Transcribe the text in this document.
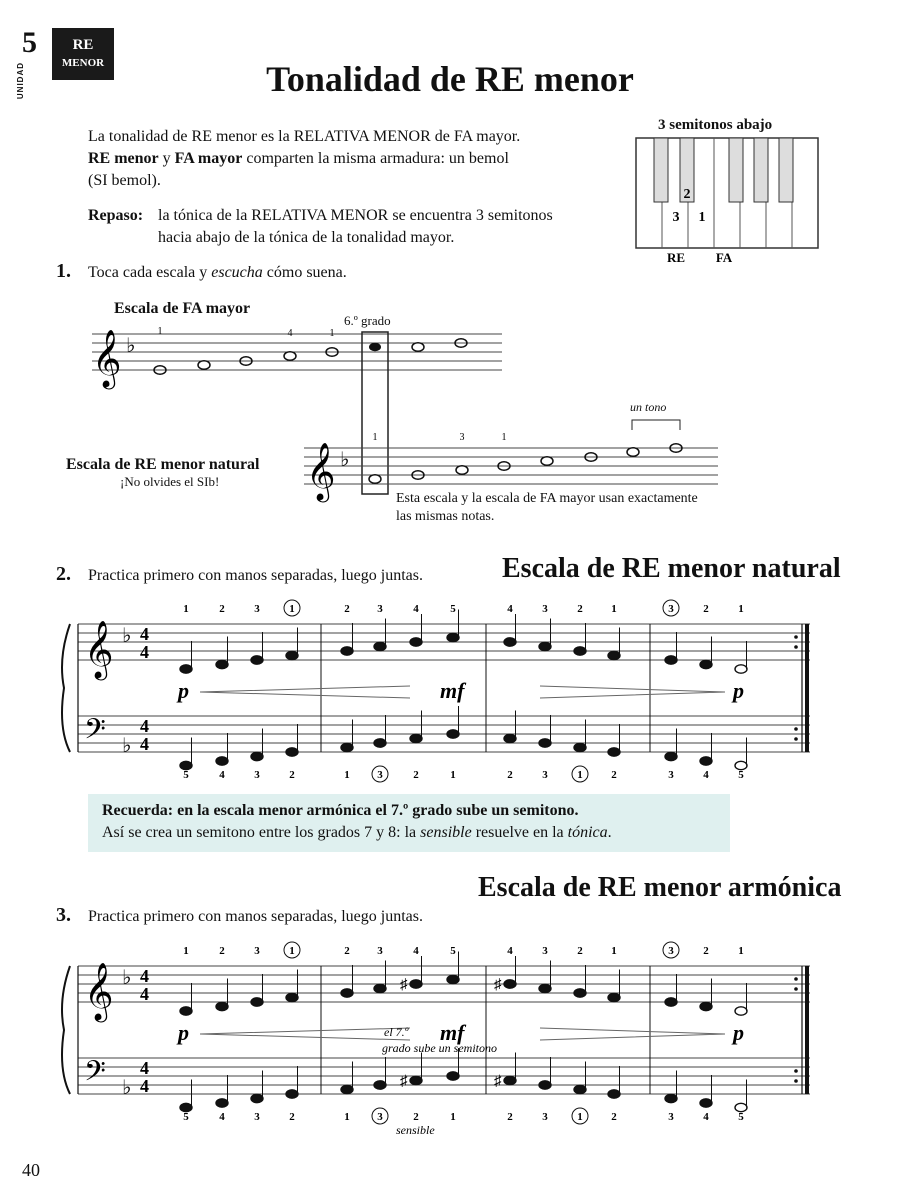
5
UNIDAD
RE
MENOR	Tonalidad de RE menor
La tonalidad de RE menor es la RELATIVA MENOR de FA mayor.
RE menor y FA mayor comparten la misma armadura: un bemol
(SI bemol).
Repaso: la tónica de la RELATIVA MENOR se encuentra 3 semitonos
hacia abajo de la tónica de la tonalidad mayor.
3 semitonos abajo
2
3 1
RE FA
1. Toca cada escala y escucha cómo suena.
Escala de FA mayor
6.º grado
Escala de RE menor natural
¡No olvides el SIb!
un tono
Esta escala y la escala de FA mayor usan exactamente
las mismas notas.
𝄞 ♭
1	4	1
𝄞 ♭
1	3	1
𝄞 ♭ 4
4
𝄢 ♭
4
4
1
5
2
4
3
3
1
2
2
1
3
3
4
2
5
1
4
2
3
3
2
1
1
2
3
3
2
4
1
5
p	mf	p
𝄞 ♭ 4
4
𝄢 ♭
4
4
1
5
2
4
3
3
1
2
2
1
3
3
♯
♯
4
2
5
1
♯
♯
4
2
3
3
2
1
1
2
3
3
2
4
1
5
p	mf	p
el 7.º
grado sube un semitono
sensible
2. Practica primero con manos separadas, luego juntas.	Escala de RE menor natural
Recuerda: en la escala menor armónica el 7.º grado sube un semitono.
Así se crea un semitono entre los grados 7 y 8: la sensible resuelve en la tónica.
Escala de RE menor armónica
3. Practica primero con manos separadas, luego juntas.
40
